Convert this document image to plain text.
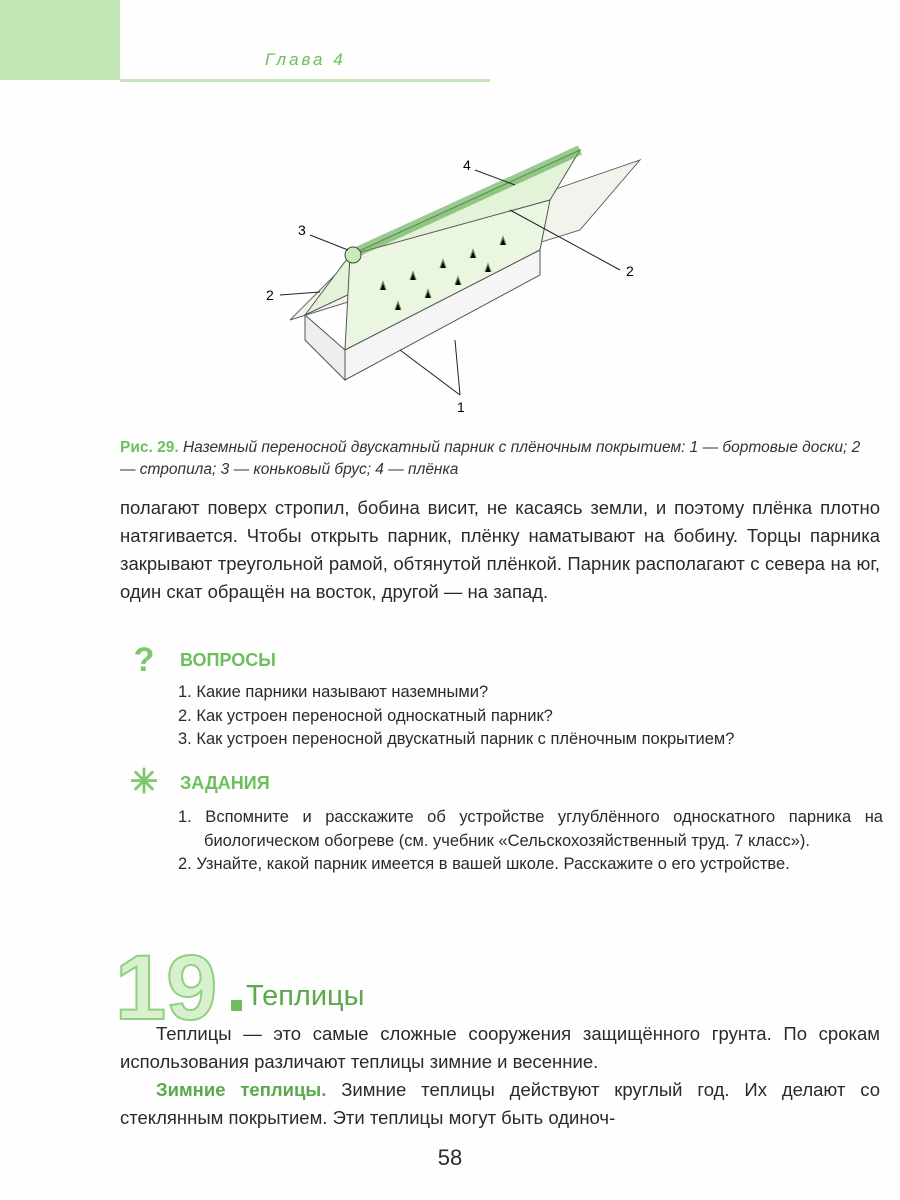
Глава 4
3
4
2
2
1
Рис. 29. Наземный переносной двускатный парник с плёночным покрытием: 1 — бортовые доски; 2 — стропила; 3 — коньковый брус; 4 — плёнка
полагают поверх стропил, бобина висит, не касаясь земли, и поэтому плёнка плотно натягивается. Чтобы открыть парник, плёнку наматывают на бобину. Торцы парника закрывают треугольной рамой, обтянутой плёнкой. Парник располагают с севера на юг, один скат обращён на восток, другой — на запад.
?	ВОПРОСЫ
1. Какие парники называют наземными?
2. Как устроен переносной односкатный парник?
3. Как устроен переносной двускатный парник с плёночным покрытием?
✳	ЗАДАНИЯ
1. Вспомните и расскажите об устройстве углублённого односкатного парника на биологическом обогреве (см. учебник «Сельскохозяйственный труд. 7 класс»).
2. Узнайте, какой парник имеется в вашей школе. Расскажите о его устройстве.
19 Теплицы
Теплицы — это самые сложные сооружения защищённого грунта. По срокам использования различают теплицы зимние и весенние.
Зимние теплицы. Зимние теплицы действуют круглый год. Их делают со стеклянным покрытием. Эти теплицы могут быть одиноч-
58
